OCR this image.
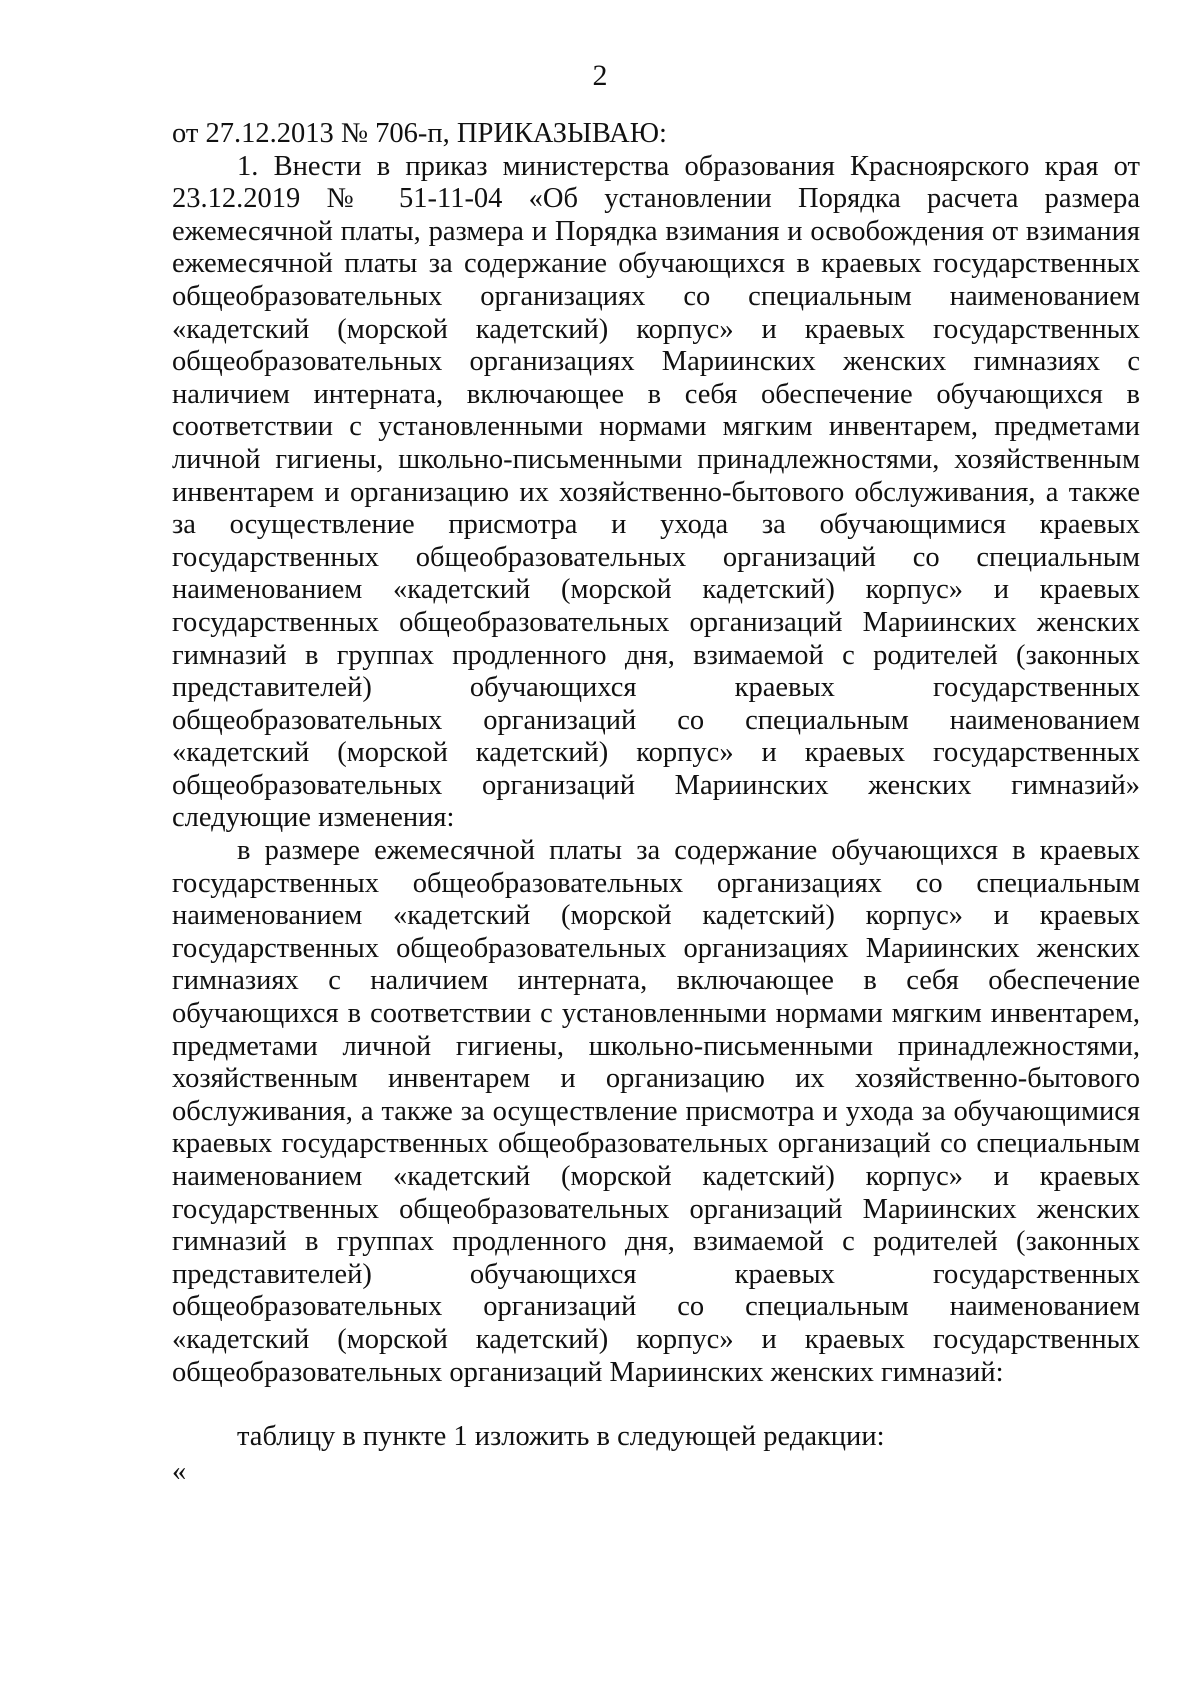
2

от 27.12.2013 № 706-п, ПРИКАЗЫВАЮ:

1. Внести в приказ министерства образования Красноярского края от 23.12.2019 № 51-11-04 «Об установлении Порядка расчета размера ежемесячной платы, размера и Порядка взимания и освобождения от взимания ежемесячной платы за содержание обучающихся в краевых государственных общеобразовательных организациях со специальным наименованием «кадетский (морской кадетский) корпус» и краевых государственных общеобразовательных организациях Мариинских женских гимназиях с наличием интерната, включающее в себя обеспечение обучающихся в соответствии с установленными нормами мягким инвентарем, предметами личной гигиены, школьно-письменными принадлежностями, хозяйственным инвентарем и организацию их хозяйственно-бытового обслуживания, а также за осуществление присмотра и ухода за обучающимися краевых государственных общеобразовательных организаций со специальным наименованием «кадетский (морской кадетский) корпус» и краевых государственных общеобразовательных организаций Мариинских женских гимназий в группах продленного дня, взимаемой с родителей (законных представителей) обучающихся краевых государственных общеобразовательных организаций со специальным наименованием «кадетский (морской кадетский) корпус» и краевых государственных общеобразовательных организаций Мариинских женских гимназий» следующие изменения:

в размере ежемесячной платы за содержание обучающихся в краевых государственных общеобразовательных организациях со специальным наименованием «кадетский (морской кадетский) корпус» и краевых государственных общеобразовательных организациях Мариинских женских гимназиях с наличием интерната, включающее в себя обеспечение обучающихся в соответствии с установленными нормами мягким инвентарем, предметами личной гигиены, школьно-письменными принадлежностями, хозяйственным инвентарем и организацию их хозяйственно-бытового обслуживания, а также за осуществление присмотра и ухода за обучающимися краевых государственных общеобразовательных организаций со специальным наименованием «кадетский (морской кадетский) корпус» и краевых государственных общеобразовательных организаций Мариинских женских гимназий в группах продленного дня, взимаемой с родителей (законных представителей) обучающихся краевых государственных общеобразовательных организаций со специальным наименованием «кадетский (морской кадетский) корпус» и краевых государственных общеобразовательных организаций Мариинских женских гимназий:

таблицу в пункте 1 изложить в следующей редакции:

«
